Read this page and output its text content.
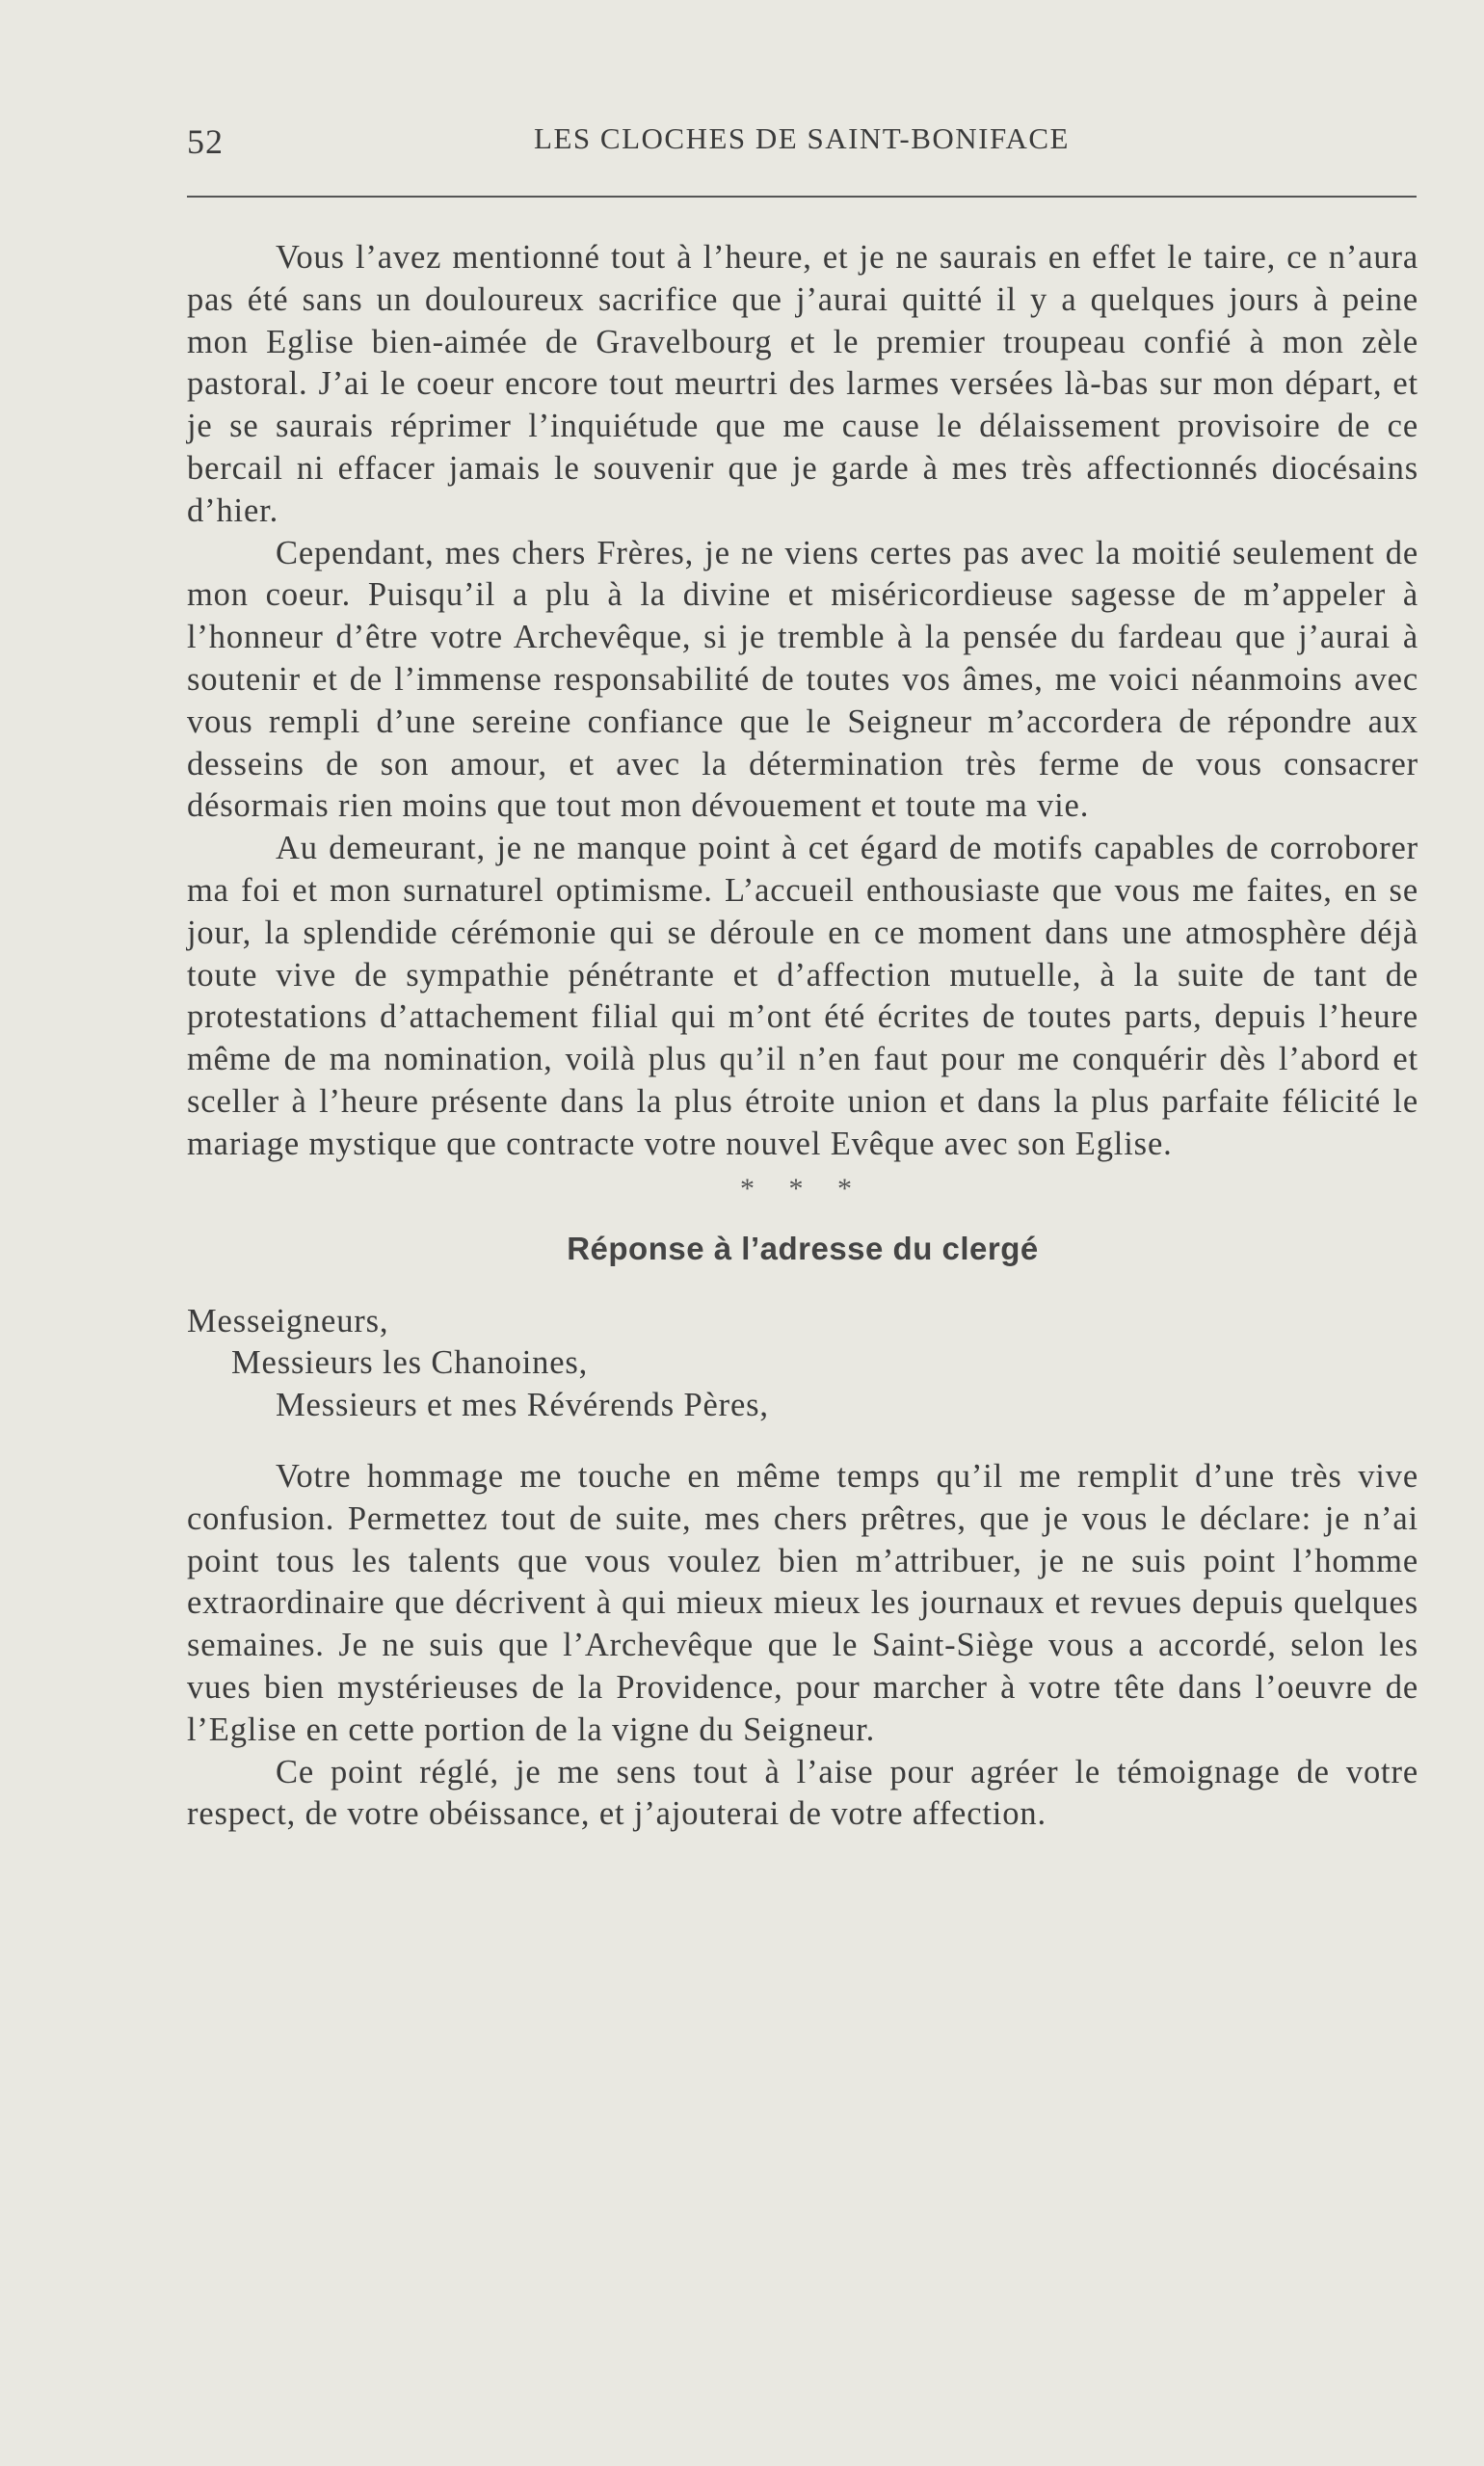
52	LES CLOCHES DE SAINT-BONIFACE

Vous l’avez mentionné tout à l’heure, et je ne saurais en effet le taire, ce n’aura pas été sans un douloureux sacrifice que j’aurai quitté il y a quelques jours à peine mon Eglise bien-aimée de Gravelbourg et le premier troupeau confié à mon zèle pastoral. J’ai le coeur encore tout meurtri des larmes versées là-bas sur mon départ, et je se saurais réprimer l’inquiétude que me cause le délaissement provisoire de ce bercail ni effacer jamais le souvenir que je garde à mes très affectionnés diocésains d’hier.

Cependant, mes chers Frères, je ne viens certes pas avec la moitié seulement de mon coeur. Puisqu’il a plu à la divine et miséricordieuse sagesse de m’appeler à l’honneur d’être votre Archevêque, si je tremble à la pensée du fardeau que j’aurai à soutenir et de l’immense responsabilité de toutes vos âmes, me voici néanmoins avec vous rempli d’une sereine confiance que le Seigneur m’accordera de répondre aux desseins de son amour, et avec la détermination très ferme de vous consacrer désormais rien moins que tout mon dévouement et toute ma vie.

Au demeurant, je ne manque point à cet égard de motifs capables de corroborer ma foi et mon surnaturel optimisme. L’accueil enthousiaste que vous me faites, en se jour, la splendide cérémonie qui se déroule en ce moment dans une atmosphère déjà toute vive de sympathie pénétrante et d’affection mutuelle, à la suite de tant de protestations d’attachement filial qui m’ont été écrites de toutes parts, depuis l’heure même de ma nomination, voilà plus qu’il n’en faut pour me conquérir dès l’abord et sceller à l’heure présente dans la plus étroite union et dans la plus parfaite félicité le mariage mystique que contracte votre nouvel Evêque avec son Eglise.

* * *
Réponse à l’adresse du clergé
Messeigneurs,
Messieurs les Chanoines,
Messieurs et mes Révérends Pères,

Votre hommage me touche en même temps qu’il me remplit d’une très vive confusion. Permettez tout de suite, mes chers prêtres, que je vous le déclare: je n’ai point tous les talents que vous voulez bien m’attribuer, je ne suis point l’homme extraordinaire que décrivent à qui mieux mieux les journaux et revues depuis quelques semaines. Je ne suis que l’Archevêque que le Saint-Siège vous a accordé, selon les vues bien mystérieuses de la Providence, pour marcher à votre tête dans l’oeuvre de l’Eglise en cette portion de la vigne du Seigneur.

Ce point réglé, je me sens tout à l’aise pour agréer le témoignage de votre respect, de votre obéissance, et j’ajouterai de votre affection.
